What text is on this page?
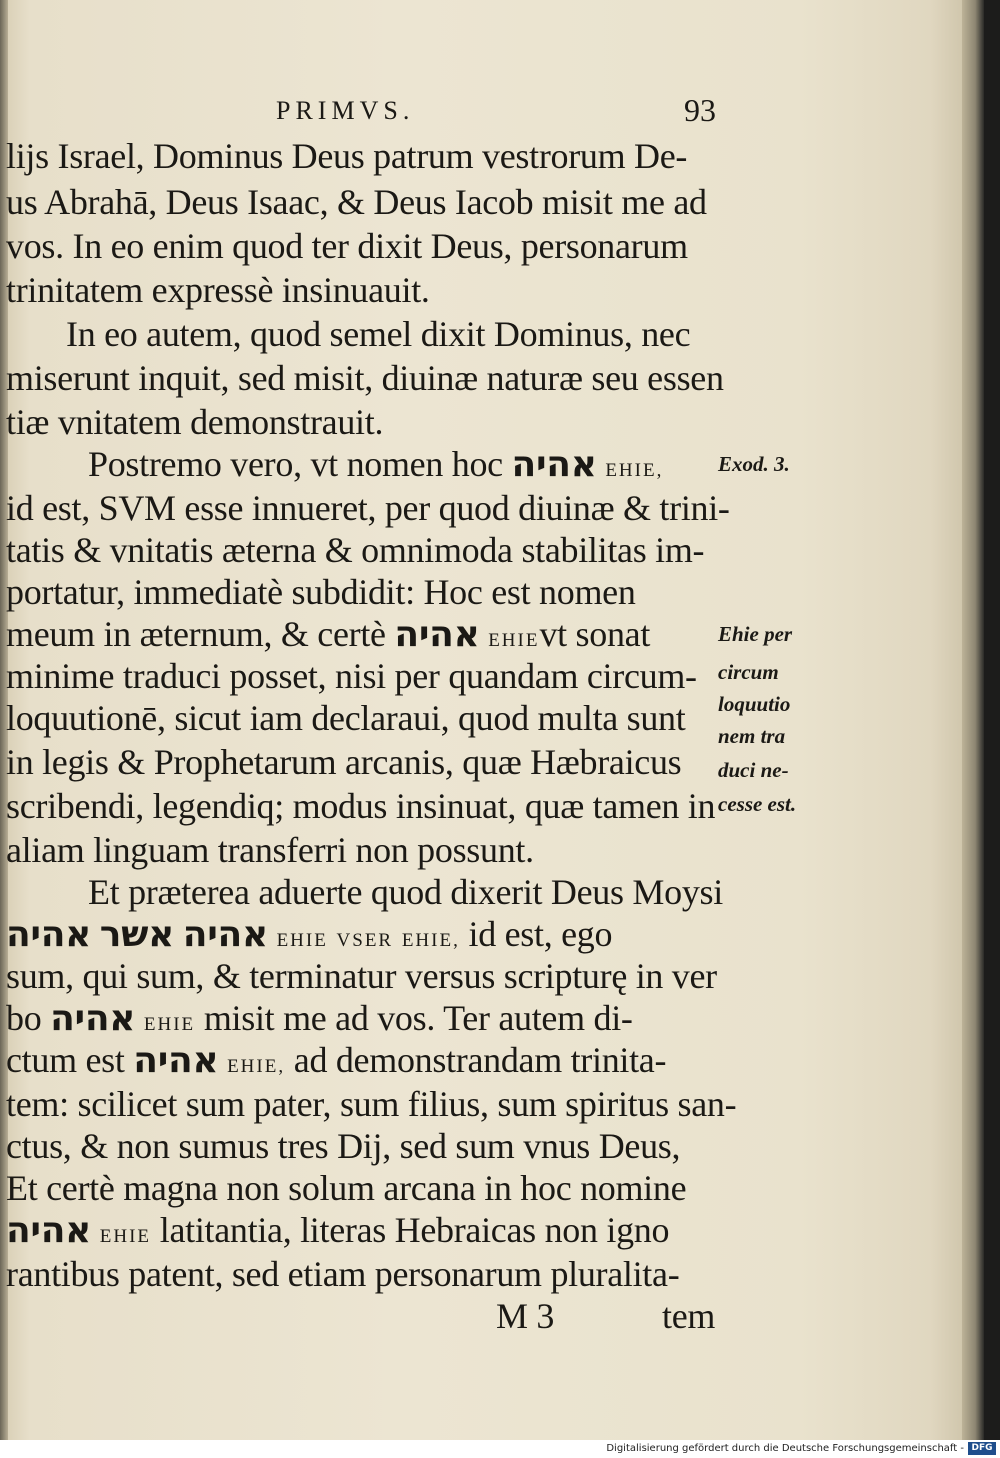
PRIMVS.	93
lijs Israel, Dominus Deus patrum vestrorum De-
us Abrahā, Deus Isaac, & Deus Iacob misit me ad
vos. In eo enim quod ter dixit Deus, personarum
trinitatem expressè insinuauit.
In eo autem, quod semel dixit Dominus, nec
miserunt inquit, sed misit, diuinæ naturæ seu essen
tiæ vnitatem demonstrauit.
Postremo vero, vt nomen hoc אהיה EHIE,	Exod. 3.
id est, SVM esse innueret, per quod diuinæ & trini-
tatis & vnitatis æterna & omnimoda stabilitas im-
portatur, immediatè subdidit: Hoc est nomen
meum in æternum, & certè אהיה EHIEvt sonat
minime traduci posset, nisi per quandam circum-
loquutionē, sicut iam declaraui, quod multa sunt
in legis & Prophetarum arcanis, quæ Hæbraicus
scribendi, legendiq; modus insinuat, quæ tamen in
aliam linguam transferri non possunt.
Ehie per
circum
loquutio
nem tra
duci ne-
cesse est.
Et præterea aduerte quod dixerit Deus Moysi
אהיה אשר אהיה	EHIE VSER EHIE, id est, ego
sum, qui sum, & terminatur versus scripturę in ver
bo אהיה EHIE misit me ad vos. Ter autem di-
ctum est אהיה EHIE, ad demonstrandam trinita-
tem: scilicet sum pater, sum filius, sum spiritus san-
ctus, & non sumus tres Dij, sed sum vnus Deus,
Et certè magna non solum arcana in hoc nomine
אהיה EHIE latitantia, literas Hebraicas non igno
rantibus patent, sed etiam personarum pluralita-
M 3	tem
Digitalisierung gefördert durch die Deutsche Forschungsgemeinschaft - DFG
